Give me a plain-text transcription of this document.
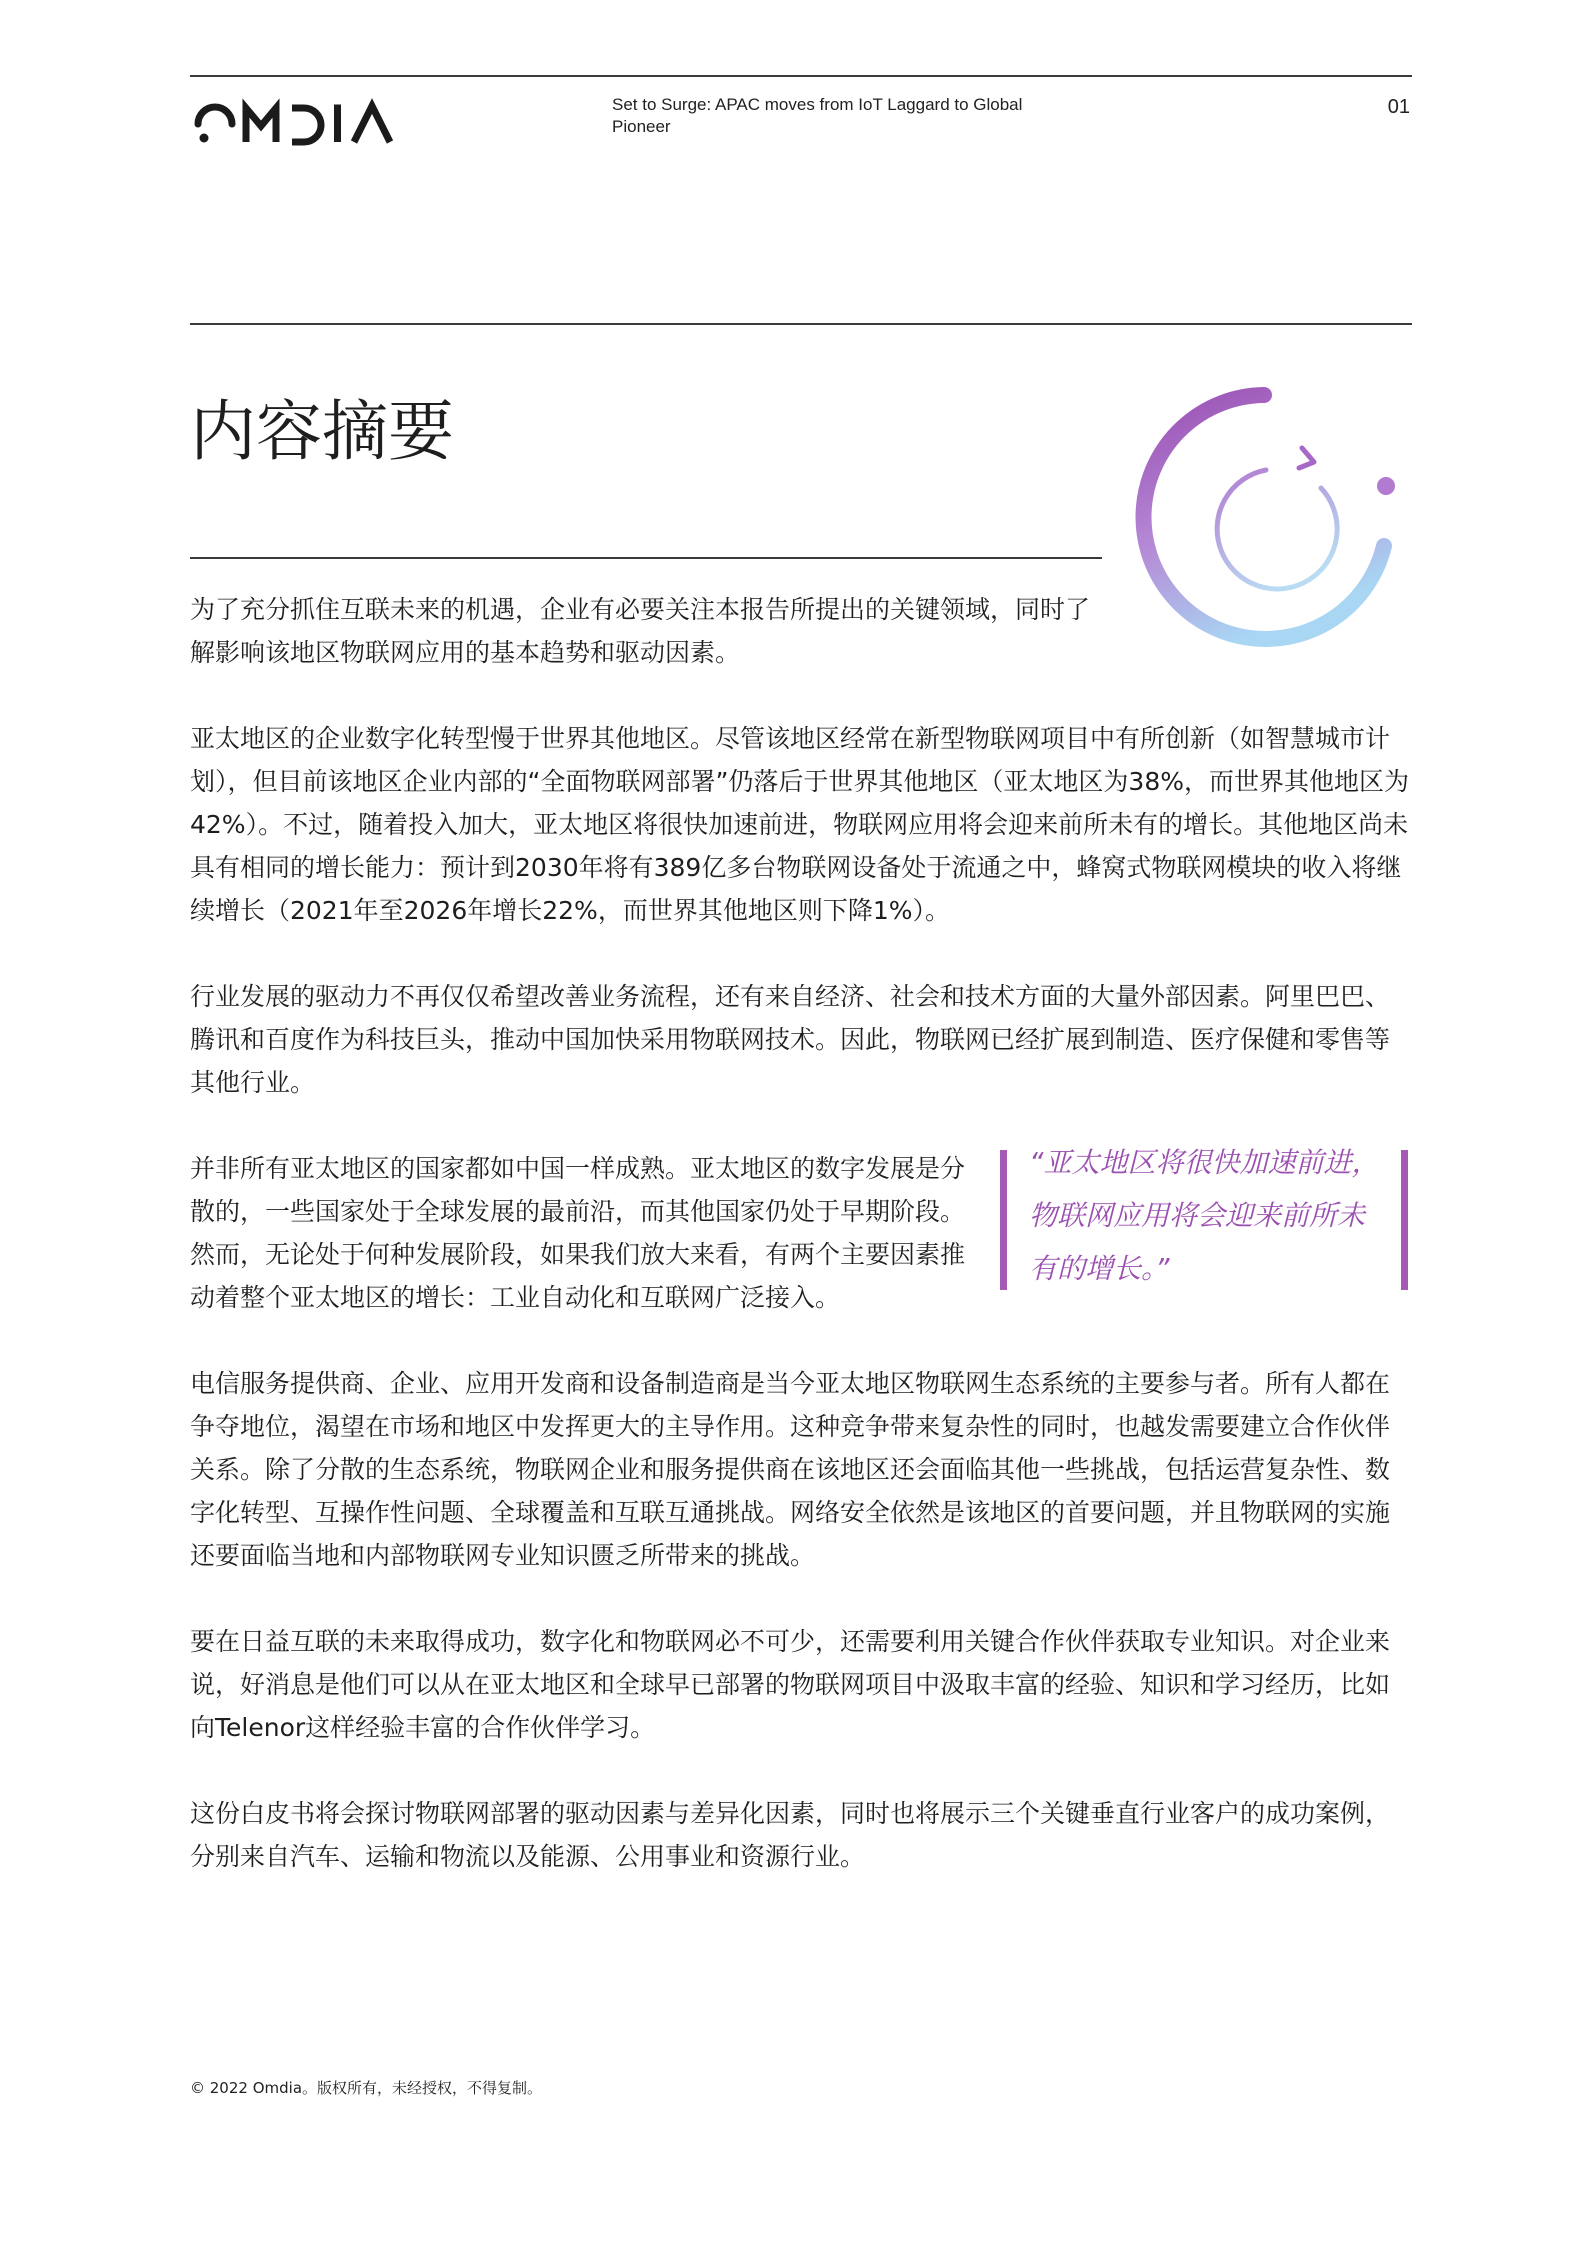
Set to Surge: APAC moves from IoT Laggard to Global Pioneer
01
内容摘要

为了充分抓住互联未来的机遇，企业有必要关注本报告所提出的关键领域，同时了解影响该地区物联网应用的基本趋势和驱动因素。

亚太地区的企业数字化转型慢于世界其他地区。尽管该地区经常在新型物联网项目中有所创新（如智慧城市计划），但目前该地区企业内部的“全面物联网部署”仍落后于世界其他地区（亚太地区为38%，而世界其他地区为42%）。不过，随着投入加大，亚太地区将很快加速前进，物联网应用将会迎来前所未有的增长。其他地区尚未具有相同的增长能力：预计到2030年将有389亿多台物联网设备处于流通之中，蜂窝式物联网模块的收入将继续增长（2021年至2026年增长22%，而世界其他地区则下降1%）。

行业发展的驱动力不再仅仅希望改善业务流程，还有来自经济、社会和技术方面的大量外部因素。阿里巴巴、腾讯和百度作为科技巨头，推动中国加快采用物联网技术。因此，物联网已经扩展到制造、医疗保健和零售等其他行业。

并非所有亚太地区的国家都如中国一样成熟。亚太地区的数字发展是分散的，一些国家处于全球发展的最前沿，而其他国家仍处于早期阶段。然而，无论处于何种发展阶段，如果我们放大来看，有两个主要因素推动着整个亚太地区的增长：工业自动化和互联网广泛接入。

“亚太地区将很快加速前进，物联网应用将会迎来前所未有的增长。”

电信服务提供商、企业、应用开发商和设备制造商是当今亚太地区物联网生态系统的主要参与者。所有人都在争夺地位，渴望在市场和地区中发挥更大的主导作用。这种竞争带来复杂性的同时，也越发需要建立合作伙伴关系。除了分散的生态系统，物联网企业和服务提供商在该地区还会面临其他一些挑战，包括运营复杂性、数字化转型、互操作性问题、全球覆盖和互联互通挑战。网络安全依然是该地区的首要问题，并且物联网的实施还要面临当地和内部物联网专业知识匮乏所带来的挑战。

要在日益互联的未来取得成功，数字化和物联网必不可少，还需要利用关键合作伙伴获取专业知识。对企业来说，好消息是他们可以从在亚太地区和全球早已部署的物联网项目中汲取丰富的经验、知识和学习经历，比如向Telenor这样经验丰富的合作伙伴学习。

这份白皮书将会探讨物联网部署的驱动因素与差异化因素，同时也将展示三个关键垂直行业客户的成功案例，分别来自汽车、运输和物流以及能源、公用事业和资源行业。

© 2022 Omdia。版权所有，未经授权，不得复制。
